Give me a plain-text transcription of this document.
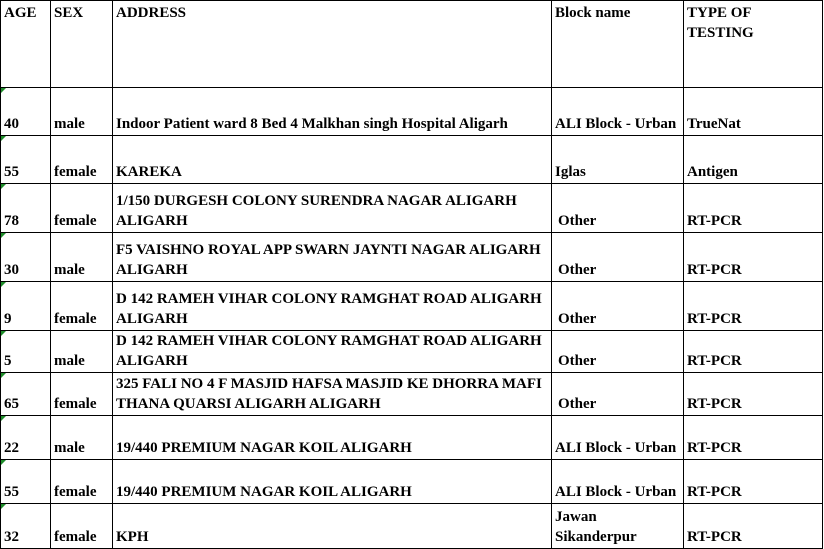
AGE	SEX	ADDRESS	Block name	TYPE OF TESTING

40	male	Indoor Patient ward 8 Bed 4 Malkhan singh Hospital Aligarh	ALI Block - Urban	TrueNat

55	female	KAREKA	Iglas	Antigen

78	female	1/150 DURGESH COLONY SURENDRA NAGAR ALIGARH ALIGARH	Other	RT-PCR

30	male	F5 VAISHNO ROYAL APP SWARN JAYNTI NAGAR ALIGARH ALIGARH	Other	RT-PCR

9	female	D 142 RAMEH VIHAR COLONY RAMGHAT ROAD ALIGARH ALIGARH	Other	RT-PCR

5	male	D 142 RAMEH VIHAR COLONY RAMGHAT ROAD ALIGARH ALIGARH	Other	RT-PCR

65	female	325 FALI NO 4 F MASJID HAFSA MASJID KE DHORRA MAFI THANA QUARSI ALIGARH ALIGARH	Other	RT-PCR

22	male	19/440 PREMIUM NAGAR KOIL ALIGARH	ALI Block - Urban	RT-PCR

55	female	19/440 PREMIUM NAGAR KOIL ALIGARH	ALI Block - Urban	RT-PCR

32	female	KPH	Jawan Sikanderpur	RT-PCR
